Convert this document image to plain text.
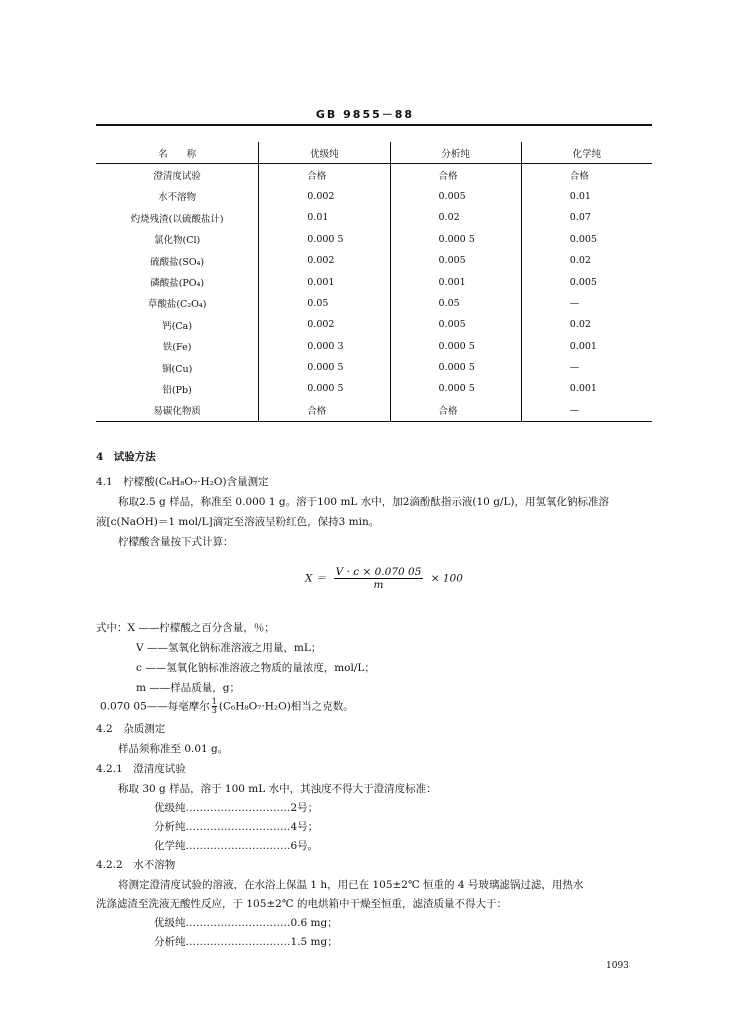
GB 9855－88
名　　称	优级纯	分析纯	化学纯
澄清度试验	合格	合格	合格
水不溶物	0.002	0.005	0.01
灼烧残渣(以硫酸盐计)	0.01	0.02	0.07
氯化物(Cl)	0.000 5	0.000 5	0.005
硫酸盐(SO₄)	0.002	0.005	0.02
磷酸盐(PO₄)	0.001	0.001	0.005
草酸盐(C₂O₄)	0.05	0.05	—
钙(Ca)	0.002	0.005	0.02
铁(Fe)	0.000 3	0.000 5	0.001
铜(Cu)	0.000 5	0.000 5	—
铅(Pb)	0.000 5	0.000 5	0.001
易碳化物质	合格	合格	—
4　试验方法
4.1　柠檬酸(C₆H₈O₇·H₂O)含量测定
称取2.5 g 样品，称准至 0.000 1 g。溶于100 mL 水中，加2滴酚酞指示液(10 g/L)，用氢氧化钠标准溶
液[c(NaOH)＝1 mol/L]滴定至溶液呈粉红色，保持3 min。
柠檬酸含量按下式计算：
$X = \frac{V \cdot c \times 0.070 05}{m} \times 100$
式中：X ——柠檬酸之百分含量，％；
V ——氢氧化钠标准溶液之用量，mL；
c ——氢氧化钠标准溶液之物质的量浓度，mol/L；
m ——样品质量，g；
0.070 05——每毫摩尔 $\frac{1}{3} (C_6H_8O_7\cdot H_2O)$相当之克数。
4.2　杂质测定
样品须称准至 0.01 g。
4.2.1　澄清度试验
称取 30 g 样品，溶于 100 mL 水中，其浊度不得大于澄清度标准：
优级纯…………………………2号；
分析纯…………………………4号；
化学纯…………………………6号。
4.2.2　水不溶物
将测定澄清度试验的溶液，在水浴上保温 1 h，用已在 105±2℃ 恒重的 4 号玻璃滤锅过滤，用热水
洗涤滤渣至洗液无酸性反应，于 105±2℃ 的电烘箱中干燥至恒重，滤渣质量不得大于：
优级纯…………………………0.6 mg；
分析纯…………………………1.5 mg；
1093
